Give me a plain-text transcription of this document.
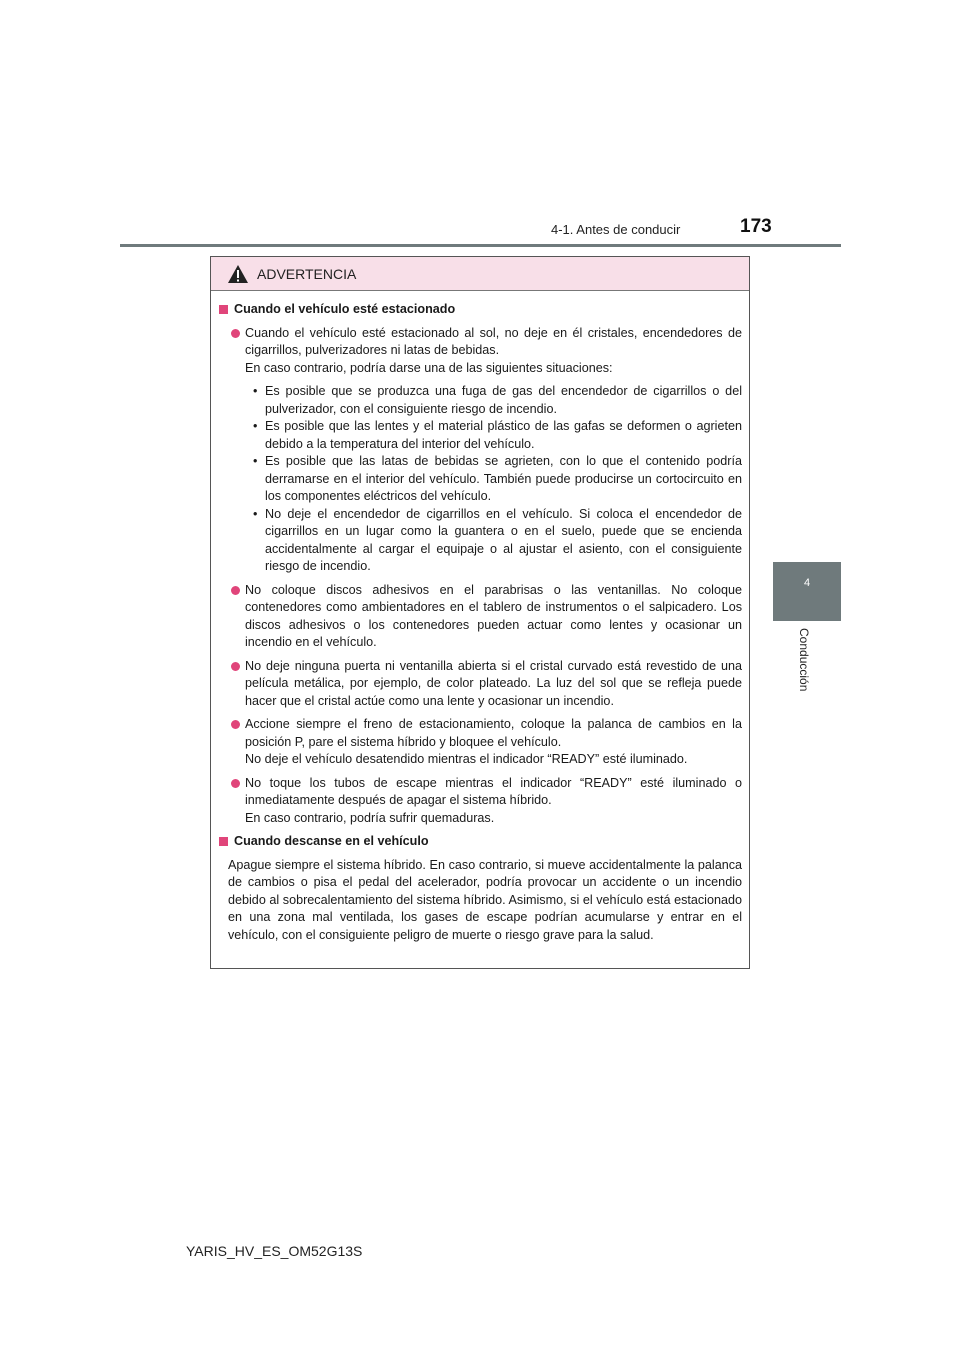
4-1. Antes de conducir	173
4
Conducción
ADVERTENCIA
Cuando el vehículo esté estacionado

Cuando el vehículo esté estacionado al sol, no deje en él cristales, encendedores de cigarrillos, pulverizadores ni latas de bebidas.

En caso contrario, podría darse una de las siguientes situaciones:

• Es posible que se produzca una fuga de gas del encendedor de cigarrillos o del pulverizador, con el consiguiente riesgo de incendio.
• Es posible que las lentes y el material plástico de las gafas se deformen o agrieten debido a la temperatura del interior del vehículo.
• Es posible que las latas de bebidas se agrieten, con lo que el contenido podría derramarse en el interior del vehículo. También puede producirse un cortocircuito en los componentes eléctricos del vehículo.
• No deje el encendedor de cigarrillos en el vehículo. Si coloca el encendedor de cigarrillos en un lugar como la guantera o en el suelo, puede que se encienda accidentalmente al cargar el equipaje o al ajustar el asiento, con el consiguiente riesgo de incendio.

No coloque discos adhesivos en el parabrisas o las ventanillas. No coloque contenedores como ambientadores en el tablero de instrumentos o el salpicadero. Los discos adhesivos o los contenedores pueden actuar como lentes y ocasionar un incendio en el vehículo.

No deje ninguna puerta ni ventanilla abierta si el cristal curvado está revestido de una película metálica, por ejemplo, de color plateado. La luz del sol que se refleja puede hacer que el cristal actúe como una lente y ocasionar un incendio.

Accione siempre el freno de estacionamiento, coloque la palanca de cambios en la posición P, pare el sistema híbrido y bloquee el vehículo.

No deje el vehículo desatendido mientras el indicador “READY” esté iluminado.

No toque los tubos de escape mientras el indicador “READY” esté iluminado o inmediatamente después de apagar el sistema híbrido.

En caso contrario, podría sufrir quemaduras.

Cuando descanse en el vehículo

Apague siempre el sistema híbrido. En caso contrario, si mueve accidentalmente la palanca de cambios o pisa el pedal del acelerador, podría provocar un accidente o un incendio debido al sobrecalentamiento del sistema híbrido. Asimismo, si el vehículo está estacionado en una zona mal ventilada, los gases de escape podrían acumularse y entrar en el vehículo, con el consiguiente peligro de muerte o riesgo grave para la salud.

YARIS_HV_ES_OM52G13S
